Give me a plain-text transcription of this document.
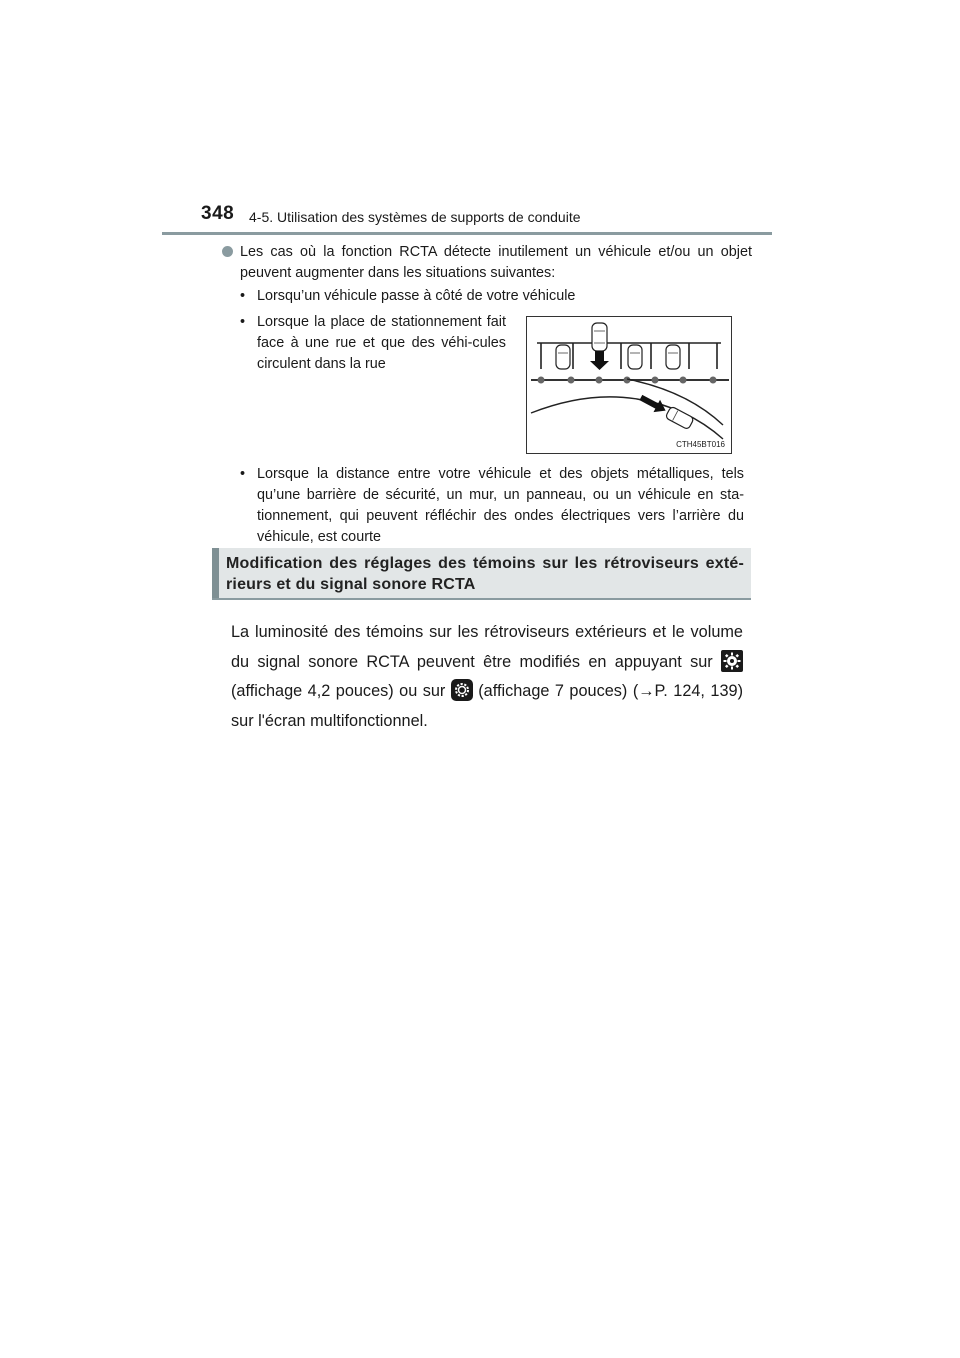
348 4-5. Utilisation des systèmes de supports de conduite
Les cas où la fonction RCTA détecte inutilement un véhicule et/ou un objet peuvent augmenter dans les situations suivantes:
• Lorsqu’un véhicule passe à côté de votre véhicule
• Lorsque la place de stationnement fait face à une rue et que des véhi-cules circulent dans la rue
CTH45BT016
• Lorsque la distance entre votre véhicule et des objets métalliques, tels qu’une barrière de sécurité, un mur, un panneau, ou un véhicule en sta-tionnement, qui peuvent réfléchir des ondes électriques vers l’arrière du véhicule, est courte
Modification des réglages des témoins sur les rétroviseurs exté-rieurs et du signal sonore RCTA
La luminosité des témoins sur les rétroviseurs extérieurs et le volume du signal sonore RCTA peuvent être modifiés en appuyant sur
(affichage 4,2 pouces) ou sur
(affichage 7 pouces) (→P. 124, 139) sur l'écran multifonctionnel.
